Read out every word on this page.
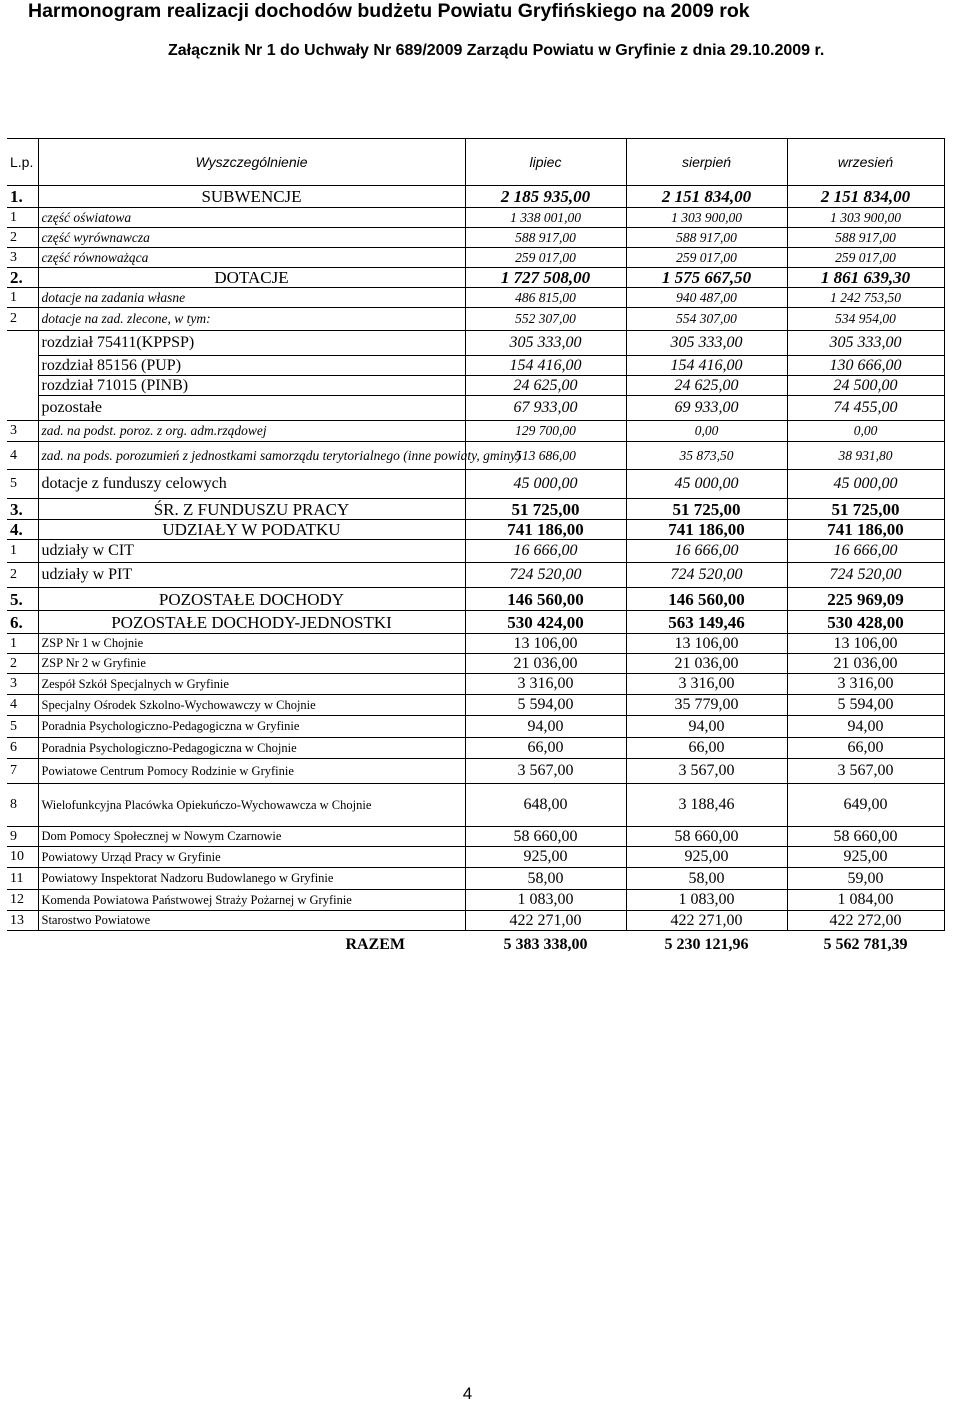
Harmonogram realizacji dochodów budżetu Powiatu Gryfińskiego na 2009 rok
Załącznik Nr 1 do Uchwały Nr 689/2009 Zarządu Powiatu w Gryfinie z dnia 29.10.2009 r.
L.p.	Wyszczególnienie	lipiec	sierpień	wrzesień
1.	SUBWENCJE	2 185 935,00	2 151 834,00	2 151 834,00
1	część oświatowa	1 338 001,00	1 303 900,00	1 303 900,00
2	część wyrównawcza	588 917,00	588 917,00	588 917,00
3	część równoważąca	259 017,00	259 017,00	259 017,00
2.	DOTACJE	1 727 508,00	1 575 667,50	1 861 639,30
1	dotacje na zadania własne	486 815,00	940 487,00	1 242 753,50
2	dotacje na zad. zlecone, w tym:	552 307,00	554 307,00	534 954,00
	rozdział 75411(KPPSP)	305 333,00	305 333,00	305 333,00
	rozdział 85156 (PUP)	154 416,00	154 416,00	130 666,00
	rozdział 71015 (PINB)	24 625,00	24 625,00	24 500,00
	pozostałe	67 933,00	69 933,00	74 455,00
3	zad. na podst. poroz. z org. adm.rządowej	129 700,00	0,00	0,00
4	zad. na pods. porozumień z jednostkami samorządu terytorialnego (inne powiaty, gminy)	513 686,00	35 873,50	38 931,80
5	dotacje z funduszy celowych	45 000,00	45 000,00	45 000,00
3.	ŚR. Z FUNDUSZU PRACY	51 725,00	51 725,00	51 725,00
4.	UDZIAŁY W PODATKU	741 186,00	741 186,00	741 186,00
1	udziały w CIT	16 666,00	16 666,00	16 666,00
2	udziały w PIT	724 520,00	724 520,00	724 520,00
5.	POZOSTAŁE DOCHODY	146 560,00	146 560,00	225 969,09
6.	POZOSTAŁE DOCHODY-JEDNOSTKI	530 424,00	563 149,46	530 428,00
1	ZSP Nr 1 w Chojnie	13 106,00	13 106,00	13 106,00
2	ZSP Nr 2 w Gryfinie	21 036,00	21 036,00	21 036,00
3	Zespół Szkół Specjalnych w Gryfinie	3 316,00	3 316,00	3 316,00
4	Specjalny Ośrodek Szkolno-Wychowawczy w Chojnie	5 594,00	35 779,00	5 594,00
5	Poradnia Psychologiczno-Pedagogiczna w Gryfinie	94,00	94,00	94,00
6	Poradnia Psychologiczno-Pedagogiczna w Chojnie	66,00	66,00	66,00
7	Powiatowe Centrum Pomocy Rodzinie w Gryfinie	3 567,00	3 567,00	3 567,00
8	Wielofunkcyjna Placówka Opiekuńczo-Wychowawcza w Chojnie	648,00	3 188,46	649,00
9	Dom Pomocy Społecznej w Nowym Czarnowie	58 660,00	58 660,00	58 660,00
10	Powiatowy Urząd Pracy w Gryfinie	925,00	925,00	925,00
11	Powiatowy Inspektorat Nadzoru Budowlanego w Gryfinie	58,00	58,00	59,00
12	Komenda Powiatowa Państwowej Straży Pożarnej w Gryfinie	1 083,00	1 083,00	1 084,00
13	Starostwo Powiatowe	422 271,00	422 271,00	422 272,00
	RAZEM	5 383 338,00	5 230 121,96	5 562 781,39
4
